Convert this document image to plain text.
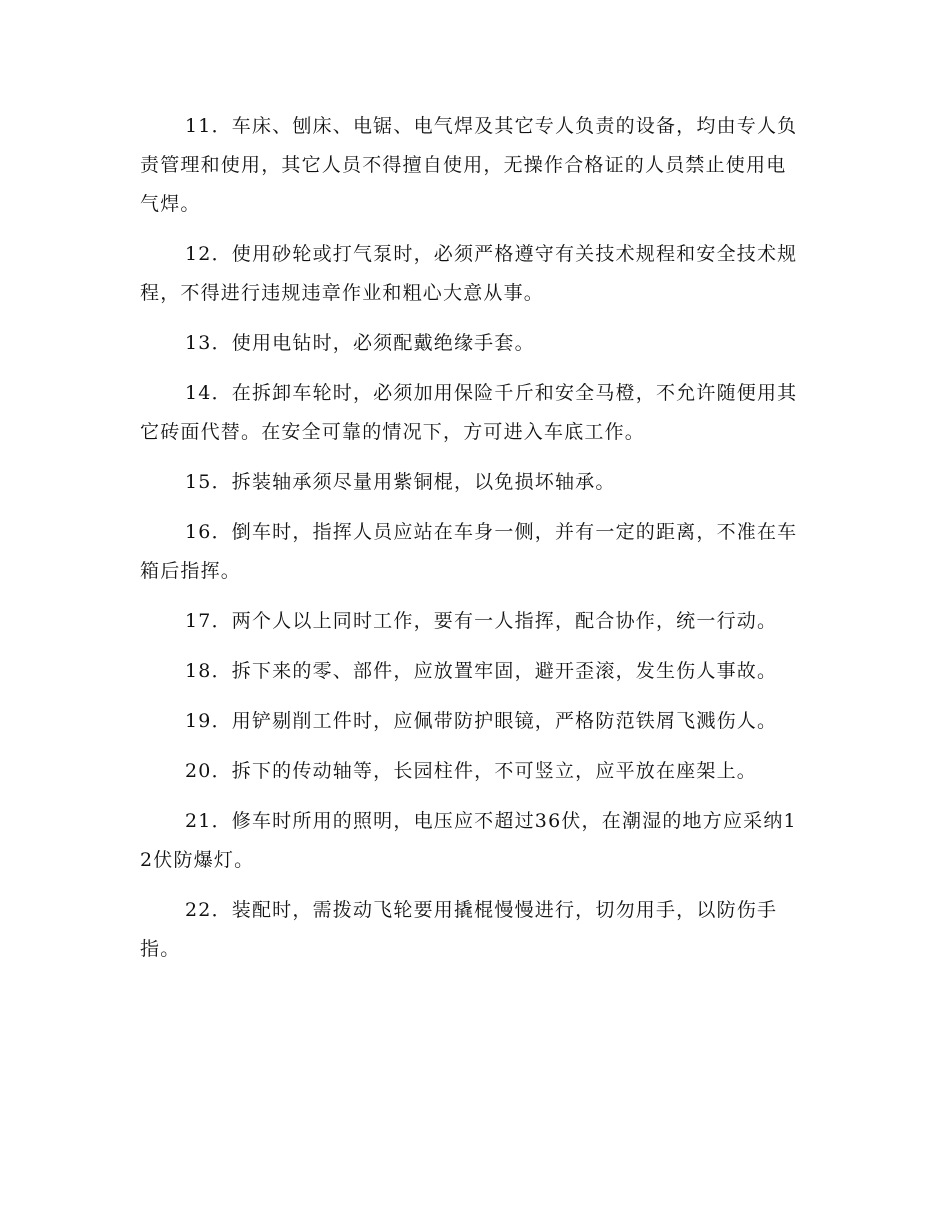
11．车床、刨床、电锯、电气焊及其它专人负责的设备，均由专人负责管理和使用，其它人员不得擅自使用，无操作合格证的人员禁止使用电气焊。

12．使用砂轮或打气泵时，必须严格遵守有关技术规程和安全技术规程，不得进行违规违章作业和粗心大意从事。

13．使用电钻时，必须配戴绝缘手套。

14．在拆卸车轮时，必须加用保险千斤和安全马橙，不允许随便用其它砖面代替。在安全可靠的情况下，方可进入车底工作。

15．拆装轴承须尽量用紫铜棍，以免损坏轴承。

16．倒车时，指挥人员应站在车身一侧，并有一定的距离，不准在车箱后指挥。

17．两个人以上同时工作，要有一人指挥，配合协作，统一行动。

18．拆下来的零、部件，应放置牢固，避开歪滚，发生伤人事故。

19．用铲剔削工件时，应佩带防护眼镜，严格防范铁屑飞溅伤人。

20．拆下的传动轴等，长园柱件，不可竖立，应平放在座架上。

21．修车时所用的照明，电压应不超过36伏，在潮湿的地方应采纳12伏防爆灯。

22．装配时，需拨动飞轮要用撬棍慢慢进行，切勿用手，以防伤手指。
